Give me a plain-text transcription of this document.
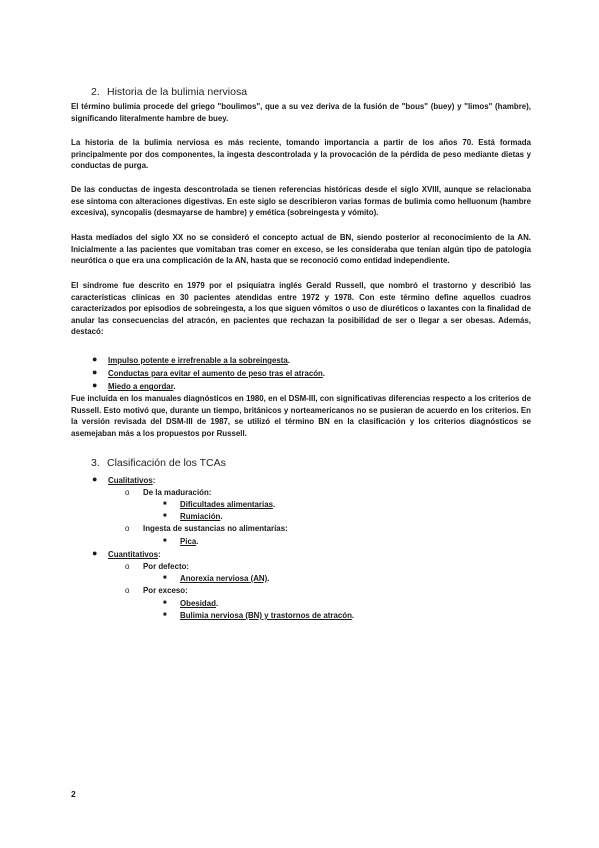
2. Historia de la bulimia nerviosa
El término bulimia procede del griego "boulimos", que a su vez deriva de la fusión de "bous" (buey) y "limos" (hambre), significando literalmente hambre de buey.
La historia de la bulimia nerviosa es más reciente, tomando importancia a partir de los años 70. Está formada principalmente por dos componentes, la ingesta descontrolada y la provocación de la pérdida de peso mediante dietas y conductas de purga.
De las conductas de ingesta descontrolada se tienen referencias históricas desde el siglo XVIII, aunque se relacionaba ese síntoma con alteraciones digestivas. En este siglo se describieron varias formas de bulimia como helluonum (hambre excesiva), syncopalis (desmayarse de hambre) y emética (sobreingesta y vómito).
Hasta mediados del siglo XX no se consideró el concepto actual de BN, siendo posterior al reconocimiento de la AN. Inicialmente a las pacientes que vomitaban tras comer en exceso, se les consideraba que tenían algún tipo de patología neurótica o que era una complicación de la AN, hasta que se reconoció como entidad independiente.
El síndrome fue descrito en 1979 por el psiquiatra inglés Gerald Russell, que nombró el trastorno y describió las características clínicas en 30 pacientes atendidas entre 1972 y 1978. Con este término define aquellos cuadros caracterizados por episodios de sobreingesta, a los que siguen vómitos o uso de diuréticos o laxantes con la finalidad de anular las consecuencias del atracón, en pacientes que rechazan la posibilidad de ser o llegar a ser obesas. Además, destacó:
● Impulso potente e irrefrenable a la sobreingesta.
● Conductas para evitar el aumento de peso tras el atracón.
● Miedo a engordar.
Fue incluida en los manuales diagnósticos en 1980, en el DSM-III, con significativas diferencias respecto a los criterios de Russell. Esto motivó que, durante un tiempo, británicos y norteamericanos no se pusieran de acuerdo en los criterios. En la versión revisada del DSM-III de 1987, se utilizó el término BN en la clasificación y los criterios diagnósticos se asemejaban más a los propuestos por Russell.
3. Clasificación de los TCAs
● Cualitativos:
o De la maduración:
■ Dificultades alimentarias.
■ Rumiación.
o Ingesta de sustancias no alimentarias:
■ Pica.
● Cuantitativos:
o Por defecto:
■ Anorexia nerviosa (AN).
o Por exceso:
■ Obesidad.
■ Bulimia nerviosa (BN) y trastornos de atracón.
2
